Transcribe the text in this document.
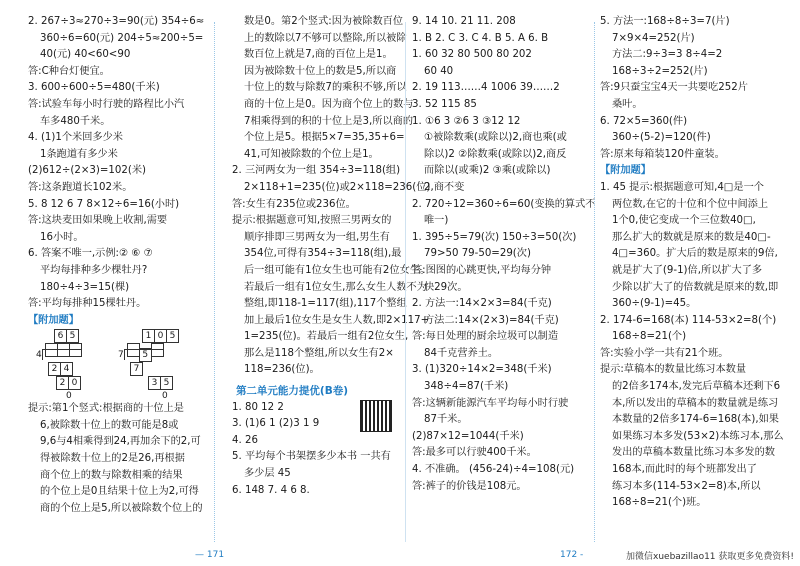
2. 267÷3≈270÷3=90(元) 354÷6≈
360÷6=60(元) 204÷5≈200÷5=
40(元) 40<60<90
答:C种台灯便宜。
3. 600÷600÷5=480(千米)
答:试验车每小时行驶的路程比小汽
车多480千米。
4. (1)1个米回多少米
1条跑道有多少米
(2)612÷(2×3)=102(米)
答:这条跑道长102米。
5. 8 12 6 7 8×12÷6=16(小时)
答:这块麦田如果晚上收割,需要
16小时。
6. 答案不唯一,示例:② ⑥ ⑦
平均每排种多少棵牡丹?
180÷4÷3=15(棵)
答:平均每排种15棵牡丹。
【附加题】
6 5
4
2 4
2 0
0
1 0 5
7 5
7
3 5
0
提示:第1个竖式:根据商的十位上是
6,被除数十位上的数可能是8或
9,6与4相乘得到24,再加余下的2,可
得被除数十位上的2是26,再根据
商个位上的数与除数相乘的结果
的个位上是0且结果十位上为2,可得
商的个位上是5,所以被除数个位上的
数是0。第2个竖式:因为被除数百位
上的数除以7不够可以整除,所以被除
数百位上就是7,商的百位上是1。
因为被除数十位上的数是5,所以商
十位上的数与除数7的乘积不够,所以
商的十位上是0。因为商个位上的数与
7相乘得到的积的十位上是3,所以商的
个位上是5。根据5×7=35,35+6=
41,可知被除数的个位上是1。
2. 三河两女为一组 354÷3=118(组)
2×118+1=235(位)或2×118=236(位)
答:女生有235位或236位。
提示:根据题意可知,按照三男两女的
顺序排即三男两女为一组,男生有
354位,可得有354÷3=118(组),最
后一组可能有1位女生也可能有2位女生。
若最后一组有1位女生,那么女生人数不为
整组,即118-1=117(组),117个整组
加上最后1位女生是女生人数,即2×117+
1=235(位)。若最后一组有2位女生,
那么是118个整组,所以女生有2×
118=236(位)。
第二单元能力提优(B卷)
1. 80 12 2
3. (1)6 1 (2)3 1 9
4. 26
5. 平均每个书架摆多少本书 一共有
多少层 45
6. 148 7. 4 6 8.
9. 14 10. 21 11. 208
1. B 2. C 3. C 4. B 5. A 6. B
1. 60 32 80 500 80 202
60 40
2. 19 113……4 1006 39……2
3. 52 115 85
1. ①6 3 ②6 3 ③12 12
①被除数乘(或除以)2,商也乘(或
除以)2 ②除数乘(或除以)2,商反
而除以(或乘)2 ③乘(或除以)
2,商不变
2. 720÷12=360÷6=60(变换的算式不
唯一)
1. 395÷5=79(次) 150÷3=50(次)
79>50 79-50=29(次)
答:图图的心跳更快,平均每分钟
快29次。
2. 方法一:14×2×3=84(千克)
方法二:14×(2×3)=84(千克)
答:每日处理的厨余垃圾可以制造
84千克营养土。
3. (1)320÷14×2=348(千米)
348÷4=87(千米)
答:这辆新能源汽车平均每小时行驶
87千米。
(2)87×12=1044(千米)
答:最多可以行驶400千米。
4. 不准确。 (456-24)÷4=108(元)
答:裤子的价钱是108元。
5. 方法一:168÷8÷3=7(片)
7×9×4=252(片)
方法二:9÷3=3 8÷4=2
168÷3÷2=252(片)
答:9只蚕宝宝4天一共要吃252片
桑叶。
6. 72×5=360(件)
360÷(5-2)=120(件)
答:原来每箱装120件童装。
【附加题】
1. 45 提示:根据题意可知,4□是一个
两位数,在它的十位和个位中间添上
1个0,使它变成一个三位数40□,
那么扩大的数就是原来的数是40□-
4□=360。扩大后的数是原来的9倍,
就是扩大了(9-1)倍,所以扩大了多
少除以扩大了的倍数就是原来的数,即
360÷(9-1)=45。
2. 174-6=168(本) 114-53×2=8(个)
168÷8=21(个)
答:实验小学一共有21个班。
提示:草稿本的数量比练习本数量
的2倍多174本,发完后草稿本还剩下6
本,所以发出的草稿本的数量就是练习
本数量的2倍多174-6=168(本),如果
如果练习本多发(53×2)本练习本,那么
发出的草稿本数量比练习本多发的数
168本,而此时的每个班都发出了
练习本多(114-53×2=8)本,所以
168÷8=21(个)班。
— 171	172 -	加微信xuebazillao11 获取更多免费资料!
